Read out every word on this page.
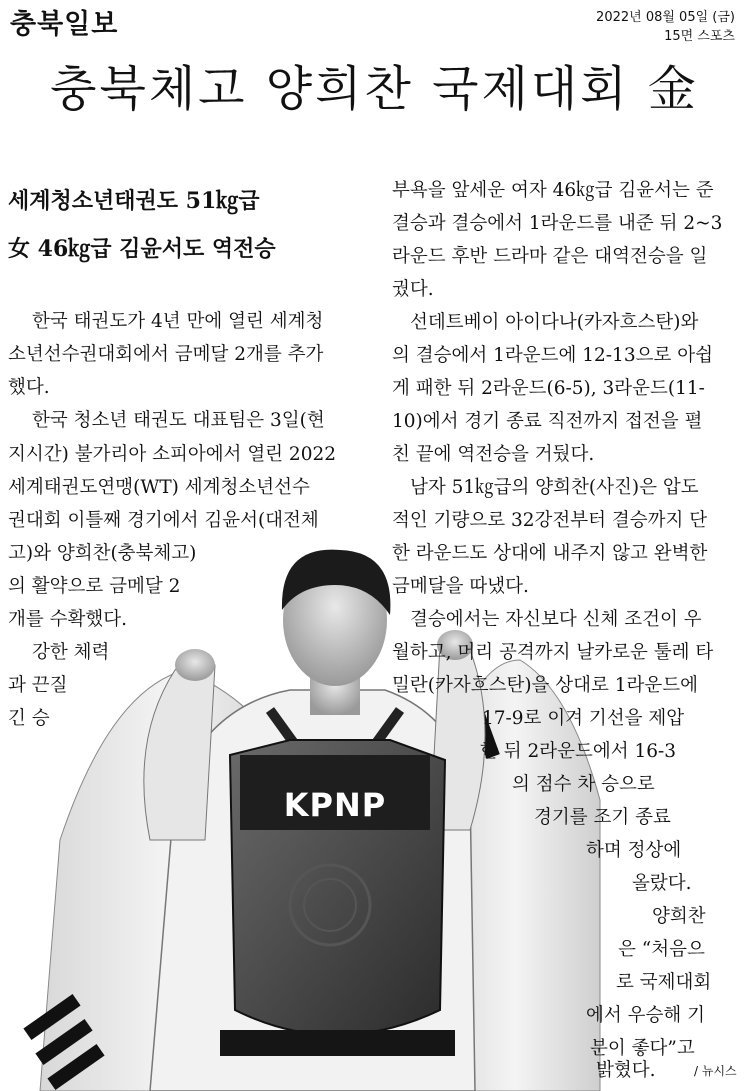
충북일보	2022년 08월 05일 (금)
15면 스포츠
충북체고 양희찬 국제대회 金
세계청소년태권도 51㎏급
女 46㎏급 김윤서도 역전승
KPNP
한국 태권도가 4년 만에 열린 세계청
소년선수권대회에서 금메달 2개를 추가
했다.
한국 청소년 태권도 대표팀은 3일(현
지시간) 불가리아 소피아에서 열린 2022
세계태권도연맹(WT) 세계청소년선수
권대회 이틀째 경기에서 김윤서(대전체
고)와 양희찬(충북체고)
의 활약으로 금메달 2
개를 수확했다.
강한 체력
과 끈질
긴 승
부욕을 앞세운 여자 46㎏급 김윤서는 준
결승과 결승에서 1라운드를 내준 뒤 2~3
라운드 후반 드라마 같은 대역전승을 일
궜다.
선데트베이 아이다나(카자흐스탄)와
의 결승에서 1라운드에 12-13으로 아쉽
게 패한 뒤 2라운드(6-5), 3라운드(11-
10)에서 경기 종료 직전까지 접전을 펼
친 끝에 역전승을 거뒀다.
남자 51㎏급의 양희찬(사진)은 압도
적인 기량으로 32강전부터 결승까지 단
한 라운드도 상대에 내주지 않고 완벽한
금메달을 따냈다.
결승에서는 자신보다 신체 조건이 우
월하고, 머리 공격까지 날카로운 툴레 타
밀란(카자흐스탄)을 상대로 1라운드에
17-9로 이겨 기선을 제압
한 뒤 2라운드에서 16-3
의 점수 차 승으로
경기를 조기 종료
하며 정상에
올랐다.
양희찬
은 “처음으
로 국제대회
에서 우승해 기
분이 좋다”고
밝혔다.	/ 뉴시스
